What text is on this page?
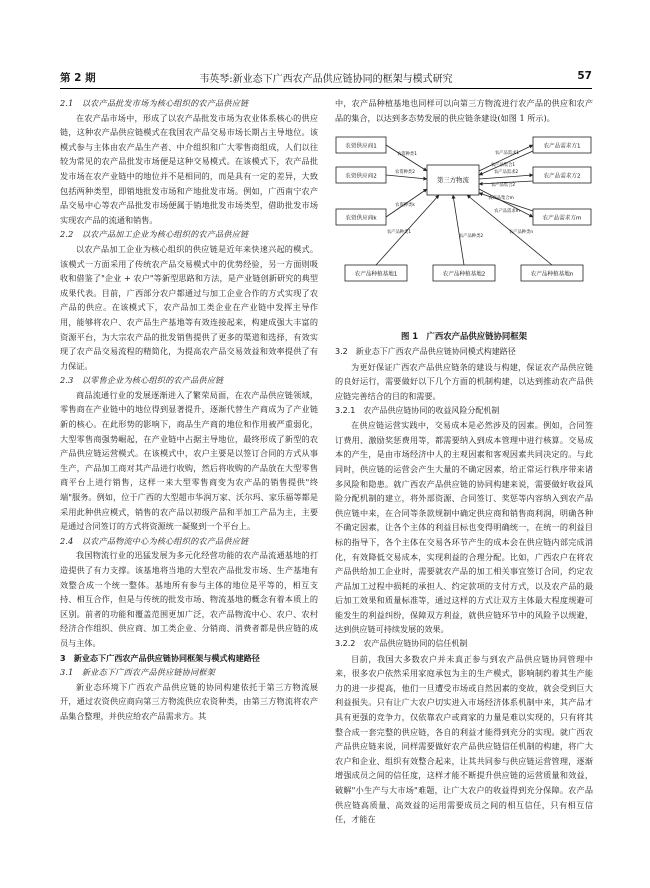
第 2 期	韦英琴:新业态下广西农产品供应链协同的框架与模式研究	57
2.1　以农产品批发市场为核心组织的农产品供应链

在农产品市场中，形成了以农产品批发市场为农业体系核心的供应链，这种农产品供应链模式在我国农产品交易市场长期占主导地位。该模式参与主体由农产品生产者、中介组织和广大零售商组成，人们以往较为常见的农产品批发市场便是这种交易模式。在该模式下，农产品批发市场在农产业链中的地位并不是相同的，而是具有一定的差异，大致包括两种类型，即销地批发市场和产地批发市场。例如，广西南宁农产品交易中心等农产品批发市场便属于销地批发市场类型，借助批发市场实现农产品的流通和销售。

2.2　以农产品加工企业为核心组织的农产品供应链

以农产品加工企业为核心组织的供应链是近年来快速兴起的模式。该模式一方面采用了传统农产品交易模式中的优势经验，另一方面则吸收和借鉴了"企业 + 农户"等新型思路和方法，是产业链创新研究的典型成果代表。目前，广西部分农户都通过与加工企业合作的方式实现了农产品的供应。在该模式下，农产品加工类企业在产业链中发挥主导作用，能够将农户、农产品生产基地等有效连接起来，构建成强大丰富的资源平台，为大宗农产品的批发销售提供了更多的渠道和选择，有效实现了农产品交易流程的精简化，为提高农产品交易效益和效率提供了有力保证。

2.3　以零售企业为核心组织的农产品供应链

商品流通行业的发展逐渐进入了繁荣局面，在农产品供应链领域，零售商在产业链中的地位得到显著提升，逐渐代替生产商成为了产业链新的核心。在此形势的影响下，商品生产商的地位和作用被严重弱化，大型零售商强势崛起，在产业链中占据主导地位，最终形成了新型的农产品供应链运营模式。在该模式中，农户主要是以签订合同的方式从事生产，产品加工商对其产品进行收购，然后将收购的产品放在大型零售商平台上进行销售，这样一来大型零售商变为农产品的销售提供"终端"服务。例如，位于广西的大型超市华润万家、沃尔玛、家乐福等都是采用此种供应模式，销售的农产品以初级产品和半加工产品为主，主要是通过合同签订的方式将资源统一凝聚到一个平台上。

2.4　以农产品物流中心为核心组织的农产品供应链

我国物流行业的迅猛发展为多元化经营功能的农产品流通基地的打造提供了有力支撑。该基地将当地的大型农产品批发市场、生产基地有效整合成一个统一整体。基地所有参与主体的地位是平等的，相互支持、相互合作，但是与传统的批发市场、物流基地的概念有着本质上的区别。前者的功能和覆盖范围更加广泛，农产品物流中心、农户、农村经济合作组织、供应商、加工类企业、分销商、消费者都是供应链的成员与主体。

3　新业态下广西农产品供应链协同框架与模式构建路径
3.1　新业态下广西农产品供应链协同框架

新业态环境下广西农产品供应链的协同构建依托于第三方物流展开，通过农资供应商向第三方物流供应农资种类，由第三方物流将农产品集合整理，并供应给农产品需求方。其

中，农产品种植基地也同样可以向第三方物流进行农产品的供应和农产品的集合，以达到多态势发展的供应链条建设(如图 1 所示)。

农资供应商1
农资供应商2
农资供应商k
第三方物流
农产品需求方1
农产品需求方2
农产品需求方m
农产品种植基地1	农产品种植基地2	农产品种植基地n
农资种类1
农资种类2
农资种类k
农产品需求1
农产品需求2
农产品需求m
农产品集合1
农产品集合2
农产品集合m
农产品种类1
农产品种类2
农产品种类n
图 1　广西农产品供应链协同框架
3.2　新业态下广西农产品供应链协同模式构建路径

为更好保证广西农产品供应链条的建设与构建，保证农产品供应链的良好运行，需要做好以下几个方面的机制构建，以达到推动农产品供应链完善结合的目的和需要。

3.2.1　农产品供应链协同的收益风险分配机制

在供应链运营实践中，交易成本是必然涉及的因素。例如，合同签订费用、激励奖惩费用等，都需要纳入到成本管理中进行核算。交易成本的产生，是由市场经济中人的主观因素和客观因素共同决定的。与此同时，供应链的运营会产生大量的不确定因素，给正常运行秩序带来诸多风险和隐患。就广西农产品供应链的协同构建来说，需要做好收益风险分配机制的建立，将外部资源、合同签订、奖惩等内容纳入到农产品供应链中来，在合同等条款规制中确定供应商和销售商利润，明确各种不确定因素，让各个主体的利益目标也变得明确统一，在统一的利益目标的指导下，各个主体在交易各环节产生的成本会在供应链内部完成消化，有效降低交易成本，实现利益的合理分配。比如，广西农户在将农产品供给加工企业时，需要就农产品的加工相关事宜签订合同，约定农产品加工过程中损耗的承担人、约定款项的支付方式，以及农产品的最后加工效果和质量标准等，通过这样的方式让双方主体最大程度规避可能发生的利益纠纷，保障双方利益，就供应链环节中的风险予以规避，达到供应链可持续发展的效果。

3.2.2　农产品供应链协同的信任机制

目前，我国大多数农户并未真正参与到农产品供应链协同管理中来，很多农户依然采用家庭承包为主的生产模式，影响制约着其生产能力的进一步提高，他们一旦遭受市场或自然因素的变故，就会受到巨大利益损失。只有让广大农户切实进入市场经济体系机制中来，其产品才具有更强的竞争力，仅依靠农户或商家的力量是难以实现的，只有将其整合成一套完整的供应链，各自的利益才能得到充分的实现。就广西农产品供应链来说，同样需要做好农产品供应链信任机制的构建，将广大农户和企业、组织有效整合起来，让其共同参与供应链运营管理，逐渐增强成员之间的信任度，这样才能不断提升供应链的运营质量和效益，破解"小生产与大市场"难题，让广大农户的收益得到充分保障。农产品供应链高质量、高效益的运用需要成员之间的相互信任，只有相互信任，才能在
